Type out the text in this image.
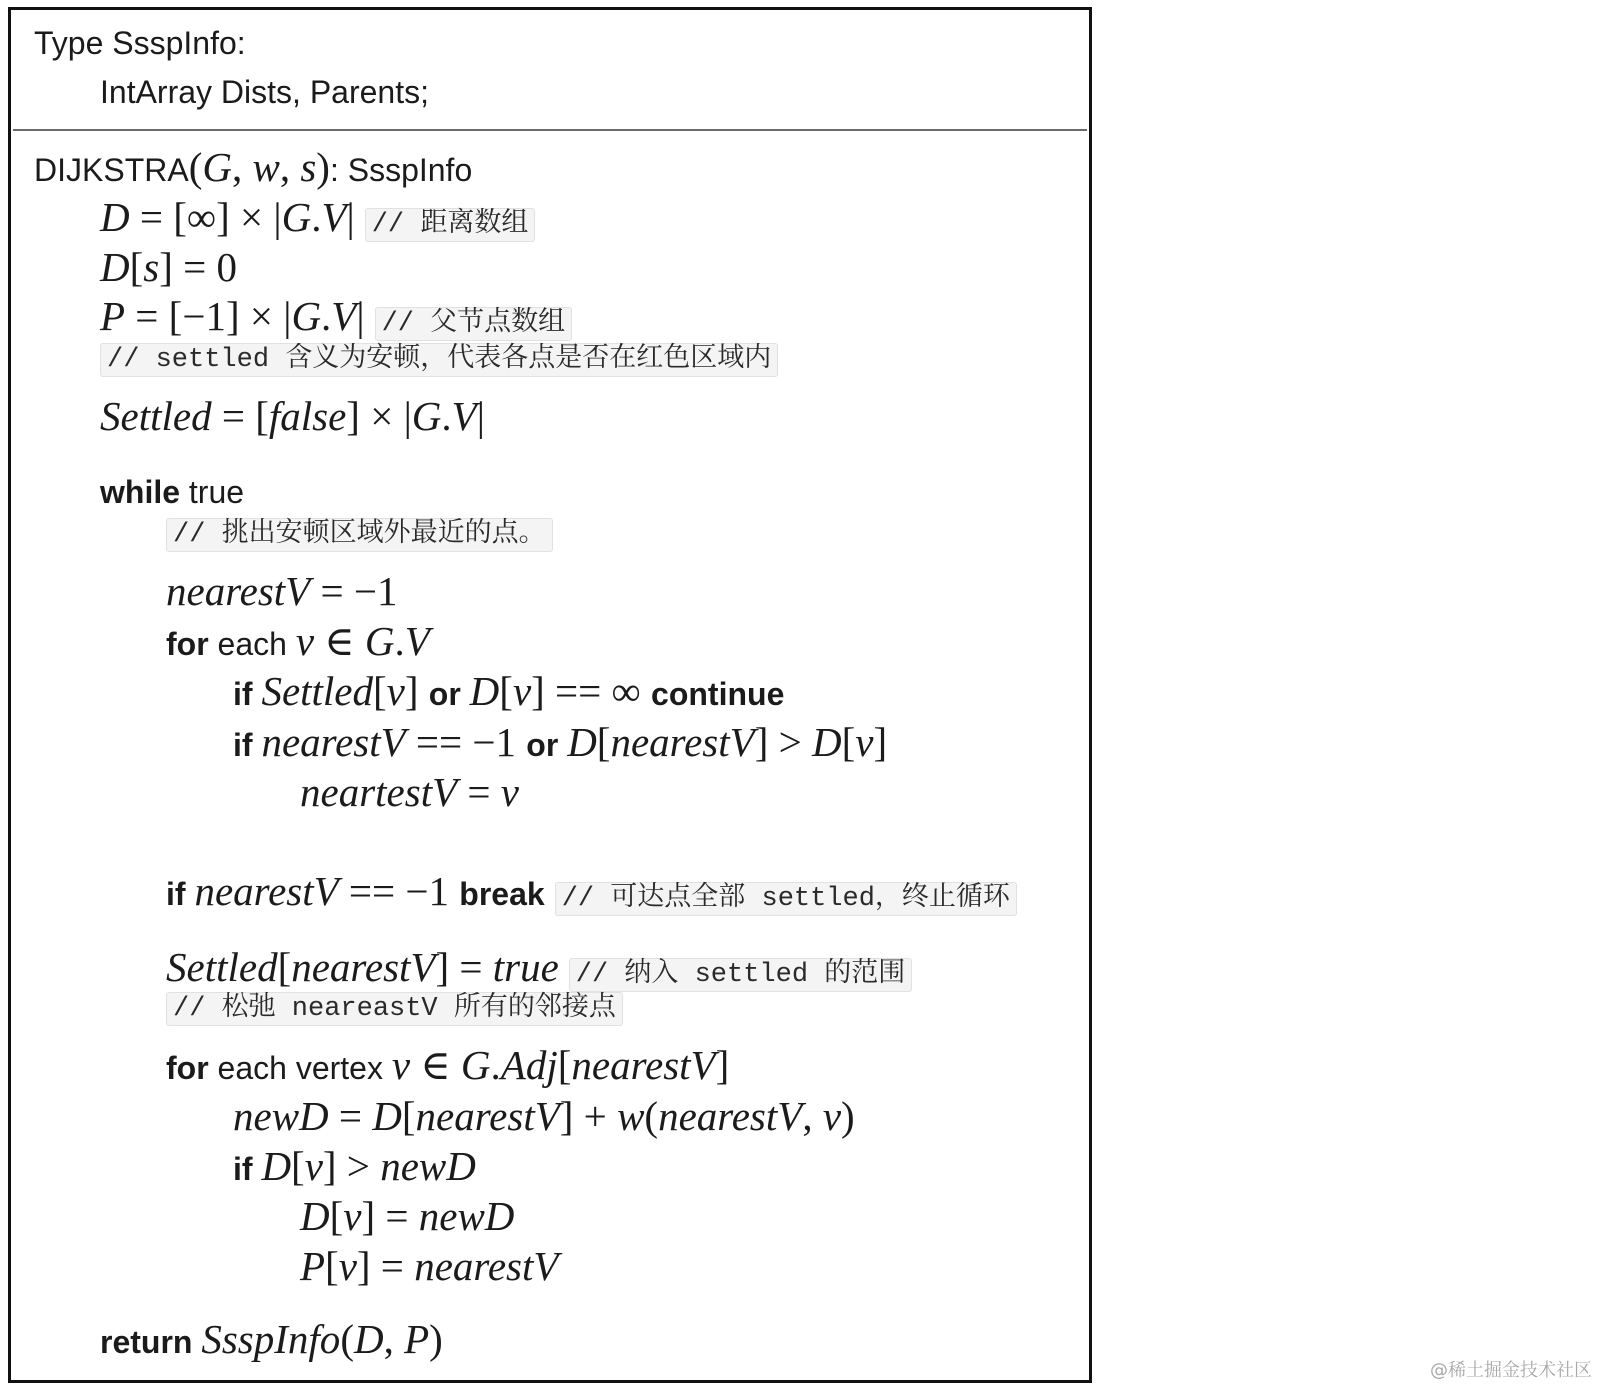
Type SsspInfo:
IntArray Dists, Parents;
DIJKSTRA(G, w, s): SsspInfo
D = [∞] × |G.V| // 距离数组
D[s] = 0
P = [−1] × |G.V| // 父节点数组
// settled 含义为安顿，代表各点是否在红色区域内
Settled = [false] × |G.V|
while true
// 挑出安顿区域外最近的点。
nearestV = −1
for each v ∈ G.V
if Settled[v] or D[v] == ∞ continue
if nearestV == −1 or D[nearestV] > D[v]
neartestV = v
if nearestV == −1 break // 可达点全部 settled，终止循环
Settled[nearestV] = true // 纳入 settled 的范围
// 松弛 neareastV 所有的邻接点
for each vertex v ∈ G.Adj[nearestV]
newD = D[nearestV] + w(nearestV, v)
if D[v] > newD
D[v] = newD
P[v] = nearestV
return SsspInfo(D, P)
@稀土掘金技术社区
